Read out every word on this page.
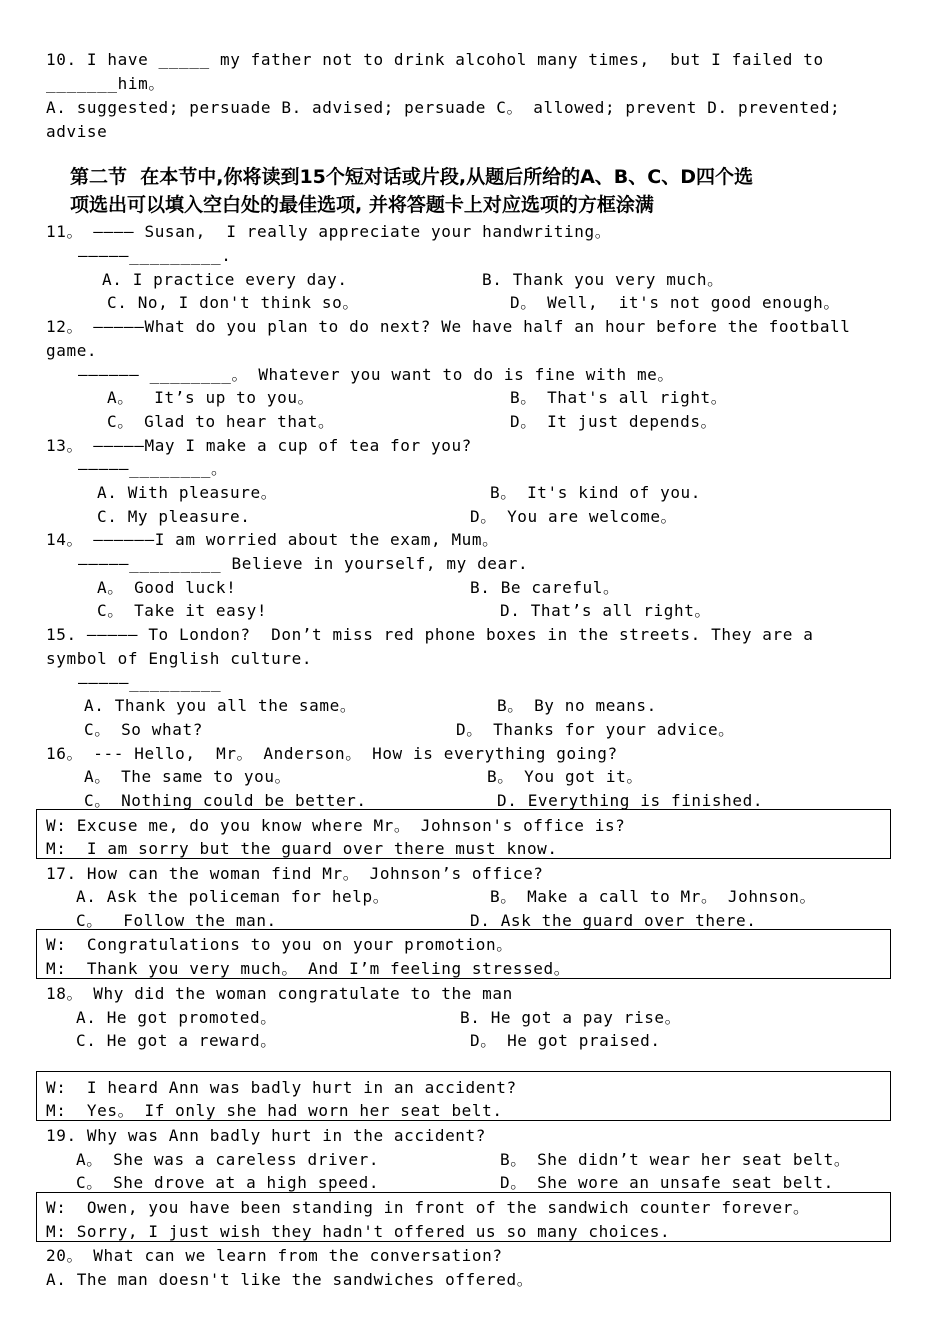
10. I have _____ my father not to drink alcohol many times,  but I failed to
_______him。
A. suggested; persuade B. advised; persuade C。 allowed; prevent D. prevented;
advise
第二节  在本节中,你将读到15个短对话或片段,从题后所给的A、B、C、D四个选
项选出可以填入空白处的最佳选项, 并将答题卡上对应选项的方框涂满
11。 ———— Susan,  I really appreciate your handwriting。
—————_________.
A. I practice every day.	B. Thank you very much。
C. No, I don't think so。	D。 Well,  it's not good enough。
12。 —————What do you plan to do next? We have half an hour before the football
game.
—————— ________。 Whatever you want to do is fine with me。
A。  It’s up to you。	B。 That's all right。
C。 Glad to hear that。	D。 It just depends。
13。 —————May I make a cup of tea for you?
—————________。
A. With pleasure。	B。 It's kind of you.
C. My pleasure.	D。 You are welcome。
14。 ——————I am worried about the exam, Mum。
—————_________ Believe in yourself, my dear.
A。 Good luck!	B. Be careful。
C。 Take it easy!	D. That’s all right。
15. ————— To London?  Don’t miss red phone boxes in the streets. They are a
symbol of English culture.
—————_________
A. Thank you all the same。	B。 By no means.
C。 So what?	D。 Thanks for your advice。
16。 --- Hello,  Mr。 Anderson。 How is everything going?
A。 The same to you。	B。 You got it。
C。 Nothing could be better.	D. Everything is finished.
W: Excuse me, do you know where Mr。 Johnson's office is?
M:  I am sorry but the guard over there must know.
17. How can the woman find Mr。 Johnson’s office?
A. Ask the policeman for help。	B。 Make a call to Mr。 Johnson。
C。  Follow the man.	D. Ask the guard over there.
W:  Congratulations to you on your promotion。
M:  Thank you very much。 And I’m feeling stressed。
18。 Why did the woman congratulate to the man
A. He got promoted。	B. He got a pay rise。
C. He got a reward。	D。 He got praised.
W:  I heard Ann was badly hurt in an accident?
M:  Yes。 If only she had worn her seat belt.
19. Why was Ann badly hurt in the accident?
A。 She was a careless driver.	B。 She didn’t wear her seat belt。
C。 She drove at a high speed.	D。 She wore an unsafe seat belt.
W:  Owen, you have been standing in front of the sandwich counter forever。
M: Sorry, I just wish they hadn't offered us so many choices.
20。 What can we learn from the conversation?
A. The man doesn't like the sandwiches offered。
